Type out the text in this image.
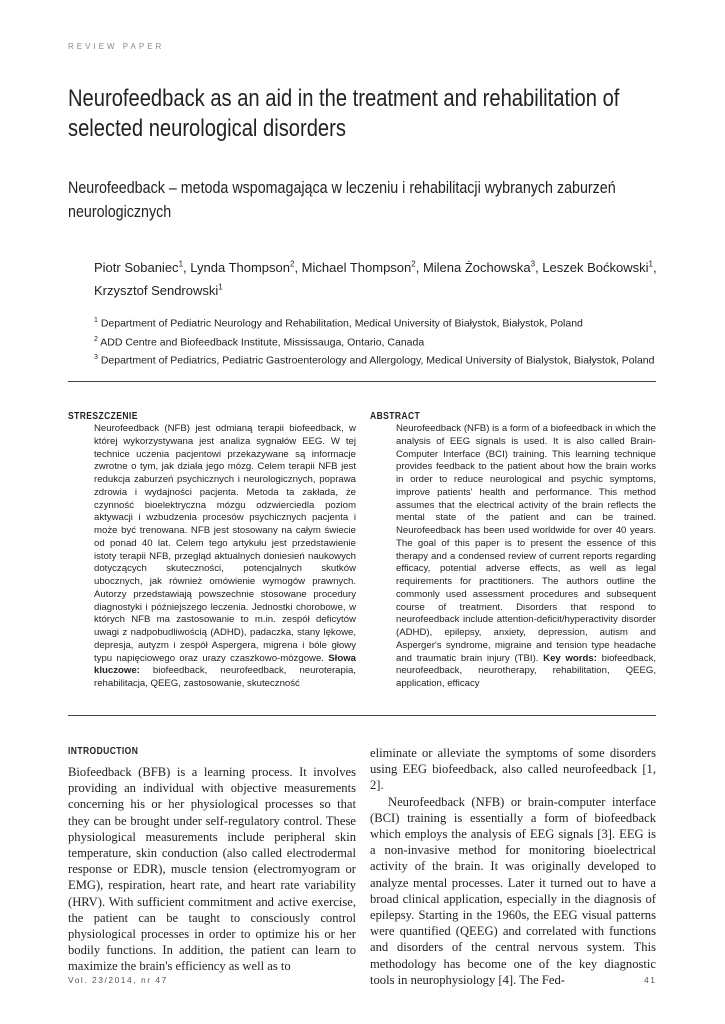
REVIEW PAPER
Neurofeedback as an aid in the treatment and rehabilitation of selected neurological disorders
Neurofeedback – metoda wspomagająca w leczeniu i rehabilitacji wybranych zaburzeń neurologicznych
Piotr Sobaniec$^1$, Lynda Thompson$^2$, Michael Thompson$^2$, Milena Żochowska$^3$, Leszek Boćkowski$^1$, Krzysztof Sendrowski$^1$
$^1$ Department of Pediatric Neurology and Rehabilitation, Medical University of Białystok, Białystok, Poland
$^2$ ADD Centre and Biofeedback Institute, Mississauga, Ontario, Canada
$^3$ Department of Pediatrics, Pediatric Gastroenterology and Allergology, Medical University of Bialystok, Białystok, Poland
STRESZCZENIE
Neurofeedback (NFB) jest odmianą terapii biofeedback, w której wykorzystywana jest analiza sygnałów EEG. W tej technice uczenia pacjentowi przekazywane są informacje zwrotne o tym, jak działa jego mózg. Celem terapii NFB jest redukcja zaburzeń psychicznych i neurologicznych, poprawa zdrowia i wydajności pacjenta. Metoda ta zakłada, że czynność bioelektryczna mózgu odzwierciedla poziom aktywacji i wzbudzenia procesów psychicznych pacjenta i może być trenowana. NFB jest stosowany na całym świecie od ponad 40 lat. Celem tego artykułu jest przedstawienie istoty terapii NFB, przegląd aktualnych doniesień naukowych dotyczących skuteczności, potencjalnych skutków ubocznych, jak również omówienie wymogów prawnych. Autorzy przedstawiają powszechnie stosowane procedury diagnostyki i późniejszego leczenia. Jednostki chorobowe, w których NFB ma zastosowanie to m.in. zespół deficytów uwagi z nadpobudliwością (ADHD), padaczka, stany lękowe, depresja, autyzm i zespół Aspergera, migrena i bóle głowy typu napięciowego oraz urazy czaszkowo-mózgowe. Słowa kluczowe: biofeedback, neurofeedback, neuroterapia, rehabilitacja, QEEG, zastosowanie, skuteczność
ABSTRACT
Neurofeedback (NFB) is a form of a biofeedback in which the analysis of EEG signals is used. It is also called Brain-Computer Interface (BCI) training. This learning technique provides feedback to the patient about how the brain works in order to reduce neurological and psychic symptoms, improve patients' health and performance. This method assumes that the electrical activity of the brain reflects the mental state of the patient and can be trained. Neurofeedback has been used worldwide for over 40 years. The goal of this paper is to present the essence of this therapy and a condensed review of current reports regarding efficacy, potential adverse effects, as well as legal requirements for practitioners. The authors outline the commonly used assessment procedures and subsequent course of treatment. Disorders that respond to neurofeedback include attention-deficit/hyperactivity disorder (ADHD), epilepsy, anxiety, depression, autism and Asperger's syndrome, migraine and tension type headache and traumatic brain injury (TBI). Key words: biofeedback, neurofeedback, neurotherapy, rehabilitation, QEEG, application, efficacy
INTRODUCTION
Biofeedback (BFB) is a learning process. It involves providing an individual with objective measurements concerning his or her physiological processes so that they can be brought under self-regulatory control. These physiological measurements include peripheral skin temperature, skin conduction (also called electrodermal response or EDR), muscle tension (electromyogram or EMG), respiration, heart rate, and heart rate variability (HRV). With sufficient commitment and active exercise, the patient can be taught to consciously control physiological processes in order to optimize his or her bodily functions. In addition, the patient can learn to maximize the brain's efficiency as well as to
eliminate or alleviate the symptoms of some disorders using EEG biofeedback, also called neurofeedback [1, 2].
Neurofeedback (NFB) or brain-computer interface (BCI) training is essentially a form of biofeedback which employs the analysis of EEG signals [3]. EEG is a non-invasive method for monitoring bioelectrical activity of the brain. It was originally developed to analyze mental processes. Later it turned out to have a broad clinical application, especially in the diagnosis of epilepsy. Starting in the 1960s, the EEG visual patterns were quantified (QEEG) and correlated with functions and disorders of the central nervous system. This methodology has become one of the key diagnostic tools in neurophysiology [4]. The Fed-
Vol. 23/2014, nr 47	41
